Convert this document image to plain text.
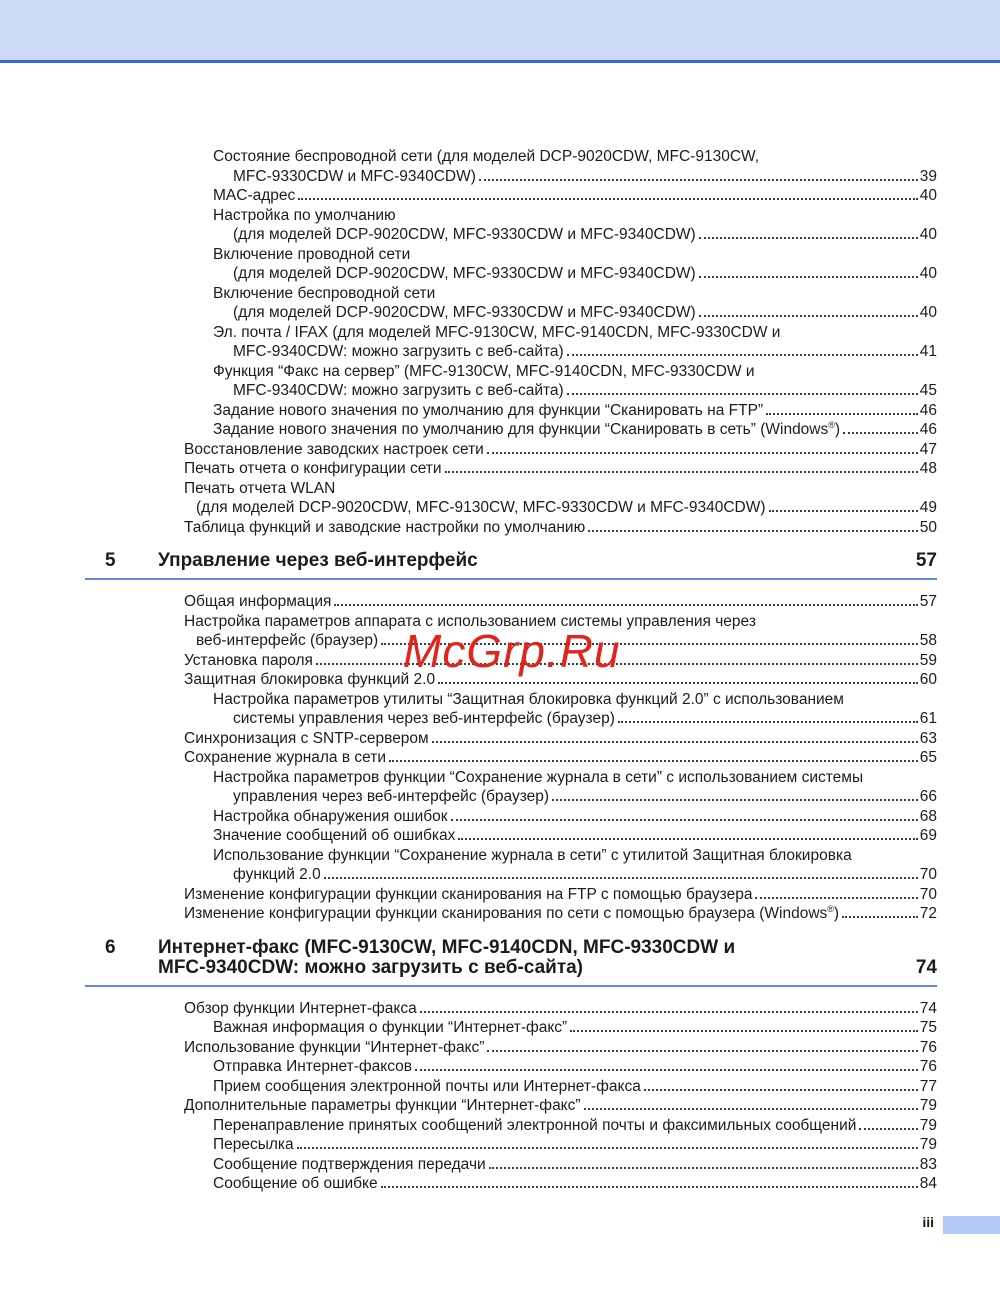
Состояние беспроводной сети (для моделей DCP-9020CDW, MFC-9130CW,
MFC-9330CDW и MFC-9340CDW)	39
MAC-адрес	40
Настройка по умолчанию
(для моделей DCP-9020CDW, MFC-9330CDW и MFC-9340CDW)	40
Включение проводной сети
(для моделей DCP-9020CDW, MFC-9330CDW и MFC-9340CDW)	40
Включение беспроводной сети
(для моделей DCP-9020CDW, MFC-9330CDW и MFC-9340CDW)	40
Эл. почта / IFAX (для моделей MFC-9130CW, MFC-9140CDN, MFC-9330CDW и
MFC-9340CDW: можно загрузить с веб-сайта)	41
Функция “Факс на сервер” (MFC-9130CW, MFC-9140CDN, MFC-9330CDW и
MFC-9340CDW: можно загрузить с веб-сайта)	45
Задание нового значения по умолчанию для функции “Сканировать на FTP”	46
Задание нового значения по умолчанию для функции “Сканировать в сеть” (Windows®)	46
Восстановление заводских настроек сети	47
Печать отчета о конфигурации сети	48
Печать отчета WLAN
(для моделей DCP-9020CDW, MFC-9130CW, MFC-9330CDW и MFC-9340CDW)	49
Таблица функций и заводские настройки по умолчанию	50
5	Управление через веб-интерфейс	57
Общая информация	57
Настройка параметров аппарата с использованием системы управления через
веб-интерфейс (браузер)	58
Установка пароля	59
Защитная блокировка функций 2.0	60
Настройка параметров утилиты “Защитная блокировка функций 2.0” с использованием
системы управления через веб-интерфейс (браузер)	61
Синхронизация с SNTP-сервером	63
Сохранение журнала в сети	65
Настройка параметров функции “Сохранение журнала в сети” с использованием системы
управления через веб-интерфейс (браузер)	66
Настройка обнаружения ошибок	68
Значение сообщений об ошибках	69
Использование функции “Сохранение журнала в сети” с утилитой Защитная блокировка
функций 2.0	70
Изменение конфигурации функции сканирования на FTP с помощью браузера	70
Изменение конфигурации функции сканирования по сети с помощью браузера (Windows®)	72
6	Интернет-факс (MFC-9130CW, MFC-9140CDN, MFC-9330CDW и
MFC-9340CDW: можно загрузить с веб-сайта)	74
Обзор функции Интернет-факса	74
Важная информация о функции “Интернет-факс”	75
Использование функции “Интернет-факс”	76
Отправка Интернет-факсов	76
Прием сообщения электронной почты или Интернет-факса	77
Дополнительные параметры функции “Интернет-факс”	79
Перенаправление принятых сообщений электронной почты и факсимильных сообщений	79
Пересылка	79
Сообщение подтверждения передачи	83
Сообщение об ошибке	84
McGrp.Ru
iii
